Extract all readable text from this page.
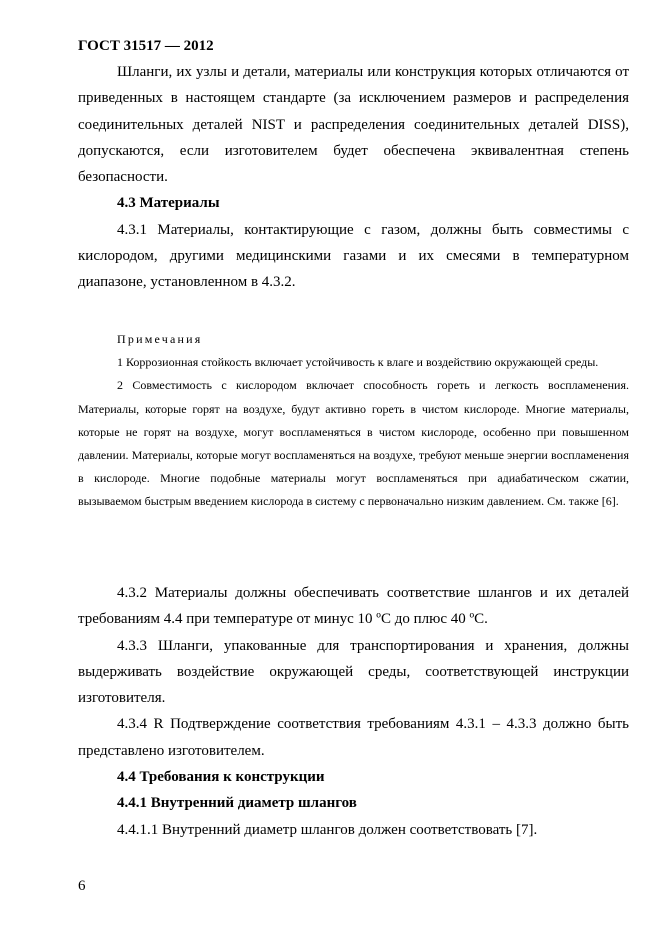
ГОСТ 31517 — 2012

Шланги, их узлы и детали, материалы или конструкция которых отличаются от приведенных в настоящем стандарте (за исключением размеров и распределения соединительных деталей NIST и распределения соединительных деталей DISS), допускаются, если изготовителем будет обеспечена эквивалентная степень безопасности.

4.3 Материалы

4.3.1 Материалы, контактирующие с газом, должны быть совместимы с кислородом, другими медицинскими газами и их смесями в температурном диапазоне, установленном в 4.3.2.

Примечания

1 Коррозионная стойкость включает устойчивость к влаге и воздействию окружающей среды.

2 Совместимость с кислородом включает способность гореть и легкость воспламенения. Материалы, которые горят на воздухе, будут активно гореть в чистом кислороде. Многие материалы, которые не горят на воздухе, могут воспламеняться в чистом кислороде, особенно при повышенном давлении. Материалы, которые могут воспламеняться на воздухе, требуют меньше энергии воспламенения в кислороде. Многие подобные материалы могут воспламеняться при адиабатическом сжатии, вызываемом быстрым введением кислорода в систему с первоначально низким давлением. См. также [6].

4.3.2 Материалы должны обеспечивать соответствие шлангов и их деталей требованиям 4.4 при температуре от минус 10 ºС до плюс 40 ºС.

4.3.3 Шланги, упакованные для транспортирования и хранения, должны выдерживать воздействие окружающей среды, соответствующей инструкции изготовителя.

4.3.4 R Подтверждение соответствия требованиям 4.3.1 – 4.3.3 должно быть представлено изготовителем.

4.4 Требования к конструкции

4.4.1 Внутренний диаметр шлангов

4.4.1.1 Внутренний диаметр шлангов должен соответствовать [7].

6
